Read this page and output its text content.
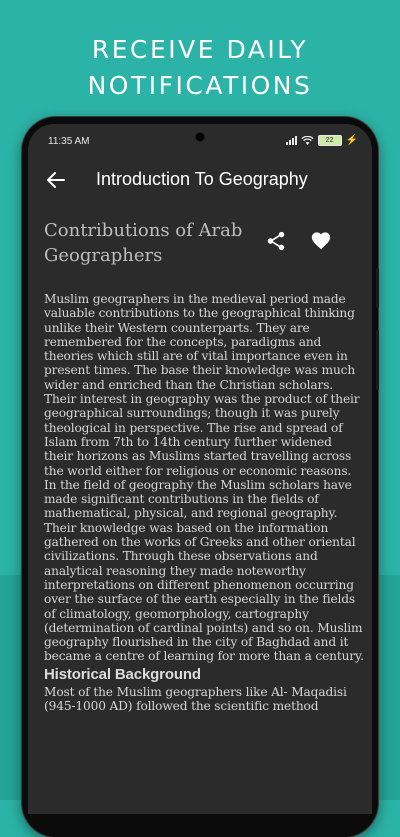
RECEIVE DAILY
NOTIFICATIONS
11:35 AM	22	⚡
Introduction To Geography
Contributions of Arab Geographers

Muslim geographers in the medieval period made valuable contributions to the geographical thinking unlike their Western counterparts. They are remembered for the concepts, paradigms and theories which still are of vital importance even in present times. The base their knowledge was much wider and enriched than the Christian scholars. Their interest in geography was the product of their geographical surroundings; though it was purely theological in perspective. The rise and spread of Islam from 7th to 14th century further widened their horizons as Muslims started travelling across the world either for religious or economic reasons.

In the field of geography the Muslim scholars have made significant contributions in the fields of mathematical, physical, and regional geography. Their knowledge was based on the information gathered on the works of Greeks and other oriental civilizations. Through these observations and analytical reasoning they made noteworthy interpretations on different phenomenon occurring over the surface of the earth especially in the fields of climatology, geomorphology, cartography (determination of cardinal points) and so on. Muslim geography flourished in the city of Baghdad and it became a centre of learning for more than a century.

Historical Background

Most of the Muslim geographers like Al- Maqadisi (945-1000 AD) followed the scientific method
